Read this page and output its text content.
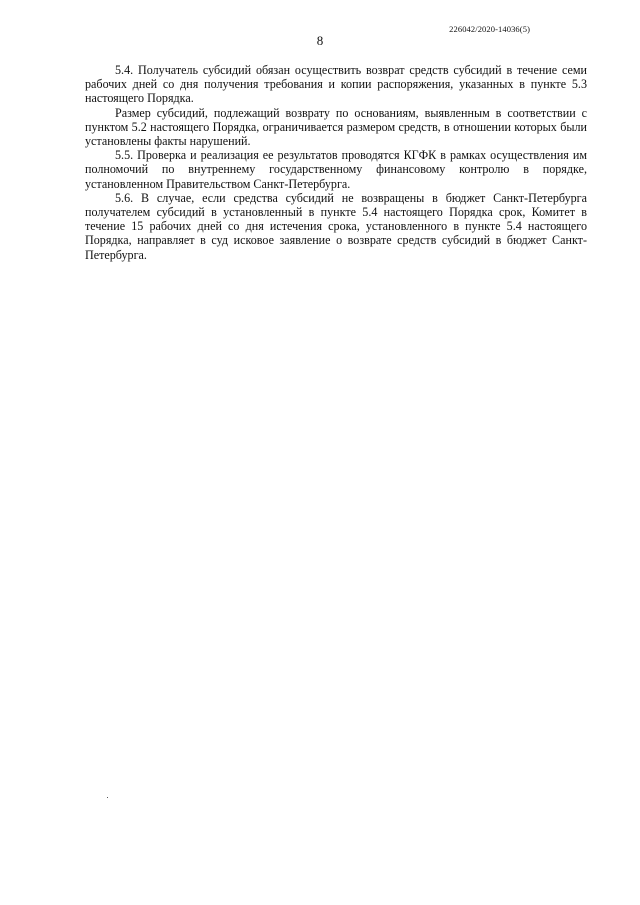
226042/2020-14036(5)
8

5.4. Получатель субсидий обязан осуществить возврат средств субсидий в течение семи рабочих дней со дня получения требования и копии распоряжения, указанных в пункте 5.3 настоящего Порядка.

Размер субсидий, подлежащий возврату по основаниям, выявленным в соответствии с пунктом 5.2 настоящего Порядка, ограничивается размером средств, в отношении которых были установлены факты нарушений.

5.5. Проверка и реализация ее результатов проводятся КГФК в рамках осуществления им полномочий по внутреннему государственному финансовому контролю в порядке, установленном Правительством Санкт-Петербурга.

5.6. В случае, если средства субсидий не возвращены в бюджет Санкт-Петербурга получателем субсидий в установленный в пункте 5.4 настоящего Порядка срок, Комитет в течение 15 рабочих дней со дня истечения срока, установленного в пункте 5.4 настоящего Порядка, направляет в суд исковое заявление о возврате средств субсидий в бюджет Санкт-Петербурга.
